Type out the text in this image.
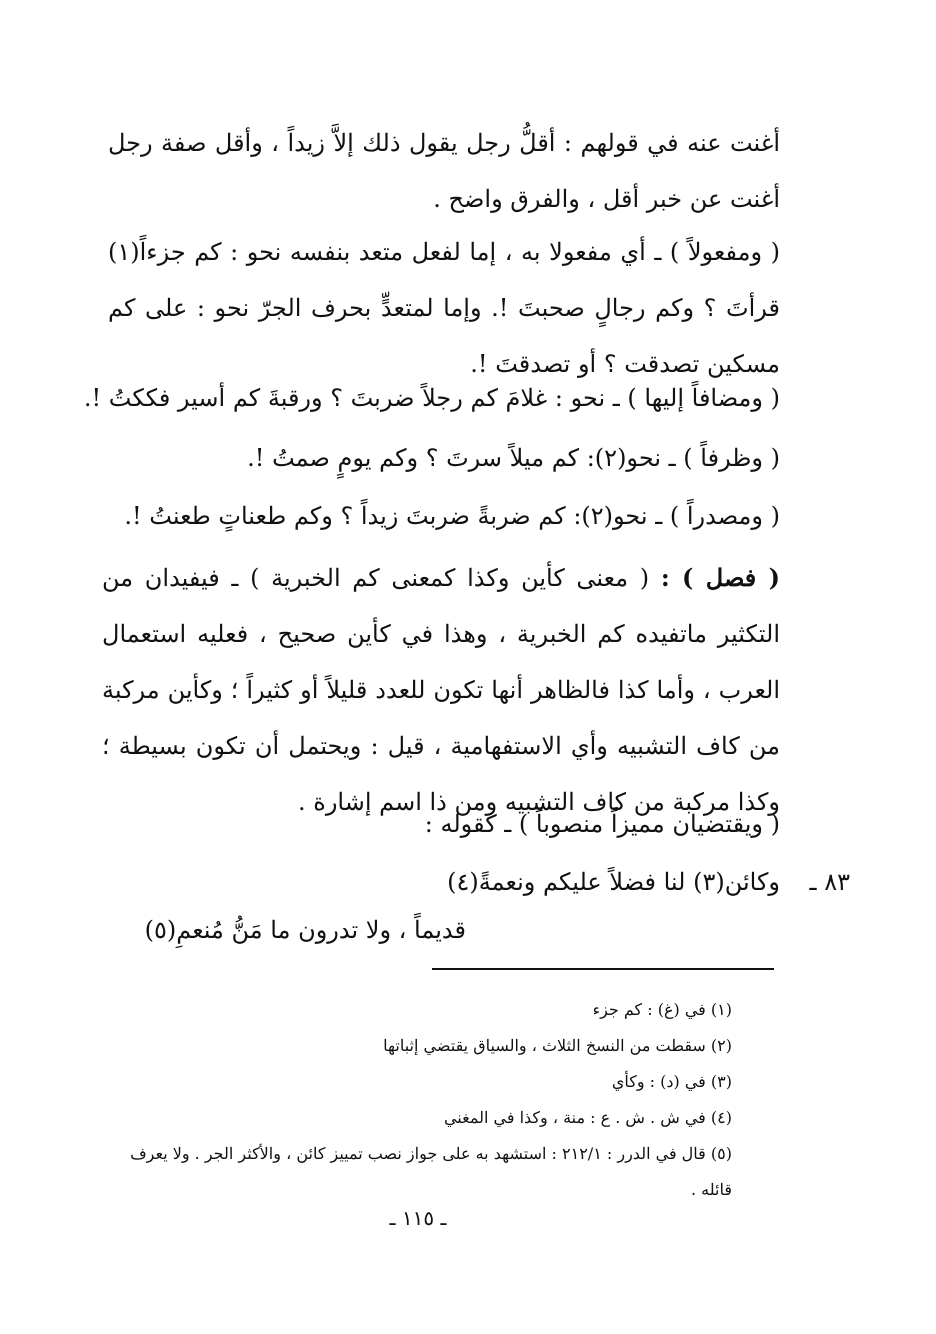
أغنت عنه في قولهم : أقلُّ رجل يقول ذلك إلاَّ زيداً ، وأقل صفة رجل أغنت عن خبر أقل ، والفرق واضح .

( ومفعولاً ) ـ أي مفعولا به ، إما لفعل متعد بنفسه نحو : كم جزءاً(١) قرأتَ ؟ وكم رجالٍ صحبتَ !. وإما لمتعدٍّ بحرف الجرّ نحو : على كم مسكين تصدقت ؟ أو تصدقتَ !.

( ومضافاً إليها ) ـ نحو : غلامَ كم رجلاً ضربتَ ؟ ورقبةَ كم أسير فككتُ !.

( وظرفاً ) ـ نحو(٢): كم ميلاً سرتَ ؟ وكم يومٍ صمتُ !.

( ومصدراً ) ـ نحو(٢): كم ضربةً ضربتَ زيداً ؟ وكم طعناتٍ طعنتُ !.

( فصل ) : ( معنى كأين وكذا كمعنى كم الخبرية ) ـ فيفيدان من التكثير ماتفيده كم الخبرية ، وهذا في كأين صحيح ، فعليه استعمال العرب ، وأما كذا فالظاهر أنها تكون للعدد قليلاً أو كثيراً ؛ وكأين مركبة من كاف التشبيه وأي الاستفهامية ، قيل : ويحتمل أن تكون بسيطة ؛ وكذا مركبة من كاف التشبيه ومن ذا اسم إشارة .

( ويقتضيان مميزاً منصوباً ) ـ كقوله :

٨٣ ـ
وكائن(٣) لنا فضلاً عليكم ونعمةً(٤)
قديماً ، ولا تدرون ما مَنُّ مُنعمِ(٥)
(١) في (غ) : كم جزء
(٢) سقطت من النسخ الثلاث ، والسياق يقتضي إثباتها
(٣) في (د) : وكأي
(٤) في ش . ش . ع : منة ، وكذا في المغني
(٥) قال في الدرر : ٢١٢/١ : استشهد به على جواز نصب تمييز كائن ، والأكثر الجر . ولا يعرف قائله .
ـ ١١٥ ـ
